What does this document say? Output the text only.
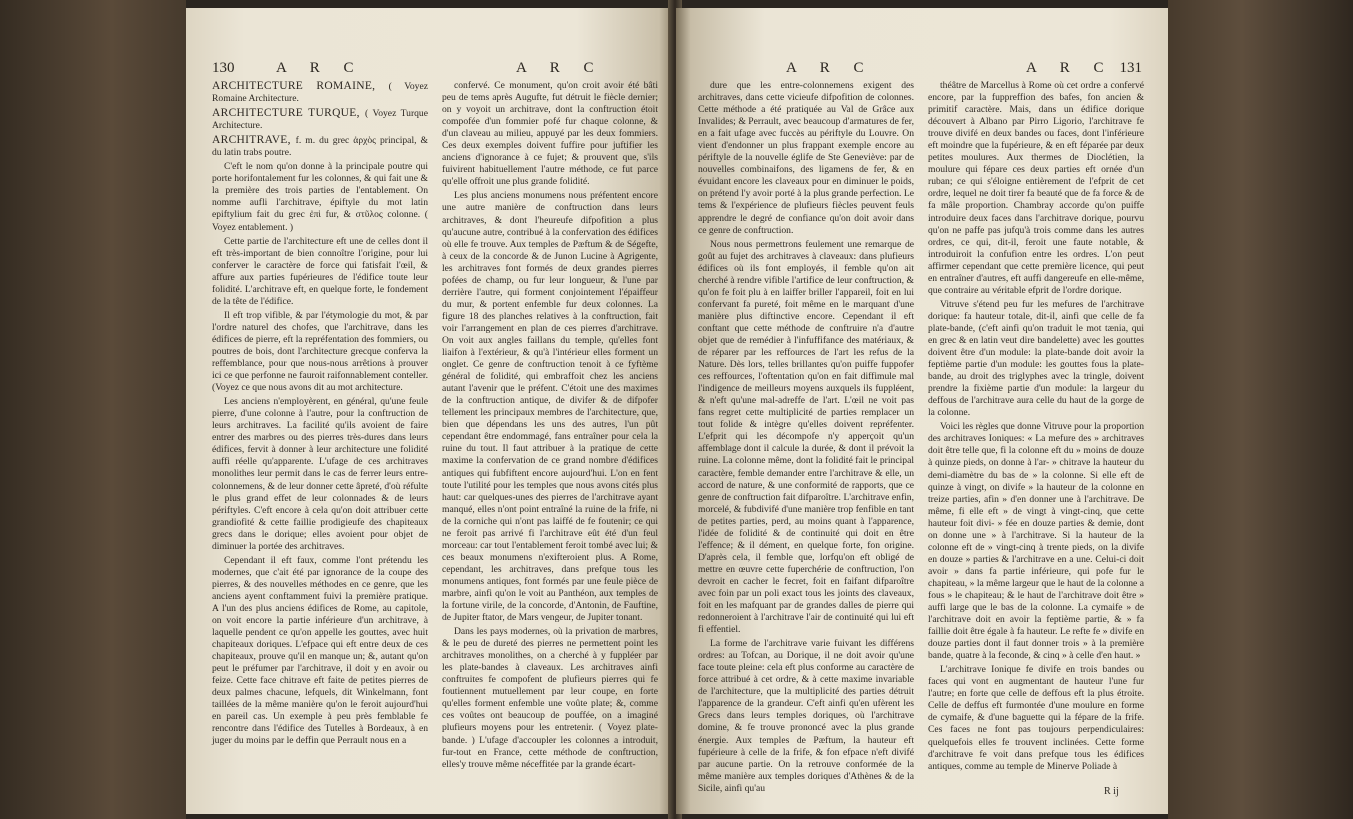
130	A R C	A R C

ARCHITECTURE ROMAINE, ( Voyez Romaine Architecture.

ARCHITECTURE TURQUE, ( Voyez Turque Architecture.

ARCHITRAVE, f. m. du grec ἀρχὸς principal, & du latin trabs poutre.

C'eft le nom qu'on donne à la principale poutre qui porte horifontalement fur les colonnes, & qui fait une & la première des trois parties de l'entablement. On nomme aufli l'architrave, épiftyle du mot latin epiftylium fait du grec ἐπὶ fur, & στῦλος colonne. ( Voyez entablement. )

Cette partie de l'architecture eft une de celles dont il eft très-important de bien connoître l'origine, pour lui conferver le caractère de force qui fatisfait l'œil, & affure aux parties fupérieures de l'édifice toute leur folidité. L'architrave eft, en quelque forte, le fondement de la tête de l'édifice.

Il eft trop vifible, & par l'étymologie du mot, & par l'ordre naturel des chofes, que l'architrave, dans les édifices de pierre, eft la repréfentation des fommiers, ou poutres de bois, dont l'architecture grecque conferva la reffemblance, pour que nous-nous arrêtions à prouver ici ce que perfonne ne fauroit raifonnablement conteller. (Voyez ce que nous avons dit au mot architecture.

Les anciens n'employèrent, en général, qu'une feule pierre, d'une colonne à l'autre, pour la conftruction de leurs architraves. La facilité qu'ils avoient de faire entrer des marbres ou des pierres très-dures dans leurs édifices, fervit à donner à leur architecture une folidité auffi réelle qu'apparente. L'ufage de ces architraves monolithes leur permit dans le cas de ferrer leurs entre-colonnemens, & de leur donner cette âpreté, d'où réfulte le plus grand effet de leur colonnades & de leurs périftyles. C'eft encore à cela qu'on doit attribuer cette grandiofité & cette faillie prodigieufe des chapiteaux grecs dans le dorique; elles avoient pour objet de diminuer la portée des architraves.

Cependant il eft faux, comme l'ont prétendu les modernes, que c'ait été par ignorance de la coupe des pierres, & des nouvelles méthodes en ce genre, que les anciens ayent conftamment fuivi la première pratique. A l'un des plus anciens édifices de Rome, au capitole, on voit encore la partie inférieure d'un architrave, à laquelle pendent ce qu'on appelle les gouttes, avec huit chapiteaux doriques. L'efpace qui eft entre deux de ces chapiteaux, prouve qu'il en manque un; &, autant qu'on peut le préfumer par l'architrave, il doit y en avoir ou feize. Cette face chitrave eft faite de petites pierres de deux palmes chacune, lefquels, dit Winkelmann, font taillées de la même manière qu'on le feroit aujourd'hui en pareil cas. Un exemple à peu près femblable fe rencontre dans l'édifice des Tutelles à Bordeaux, à en juger du moins par le deffin que Perrault nous en a

confervé. Ce monument, qu'on croit avoir été bâti peu de tems après Augufte, fut détruit le fiècle dernier; on y voyoit un architrave, dont la conftruction étoit compofée d'un fommier pofé fur chaque colonne, & d'un claveau au milieu, appuyé par les deux fommiers. Ces deux exemples doivent fuffire pour juftifier les anciens d'ignorance à ce fujet; & prouvent que, s'ils fuivirent habituellement l'autre méthode, ce fut parce qu'elle offroit une plus grande folidité.

Les plus anciens monumens nous préfentent encore une autre manière de conftruction dans leurs architraves, & dont l'heureufe difpofition a plus qu'aucune autre, contribué à la confervation des édifices où elle fe trouve. Aux temples de Pæftum & de Ségefte, à ceux de la concorde & de Junon Lucine à Agrigente, les architraves font formés de deux grandes pierres pofées de champ, ou fur leur longueur, & l'une par derrière l'autre, qui forment conjointement l'épaiffeur du mur, & portent enfemble fur deux colonnes. La figure 18 des planches relatives à la conftruction, fait voir l'arrangement en plan de ces pierres d'architrave. On voit aux angles faillans du temple, qu'elles font liaifon à l'extérieur, & qu'à l'intérieur elles forment un onglet. Ce genre de conftruction tenoit à ce fyftème général de folidité, qui embraffoit chez les anciens autant l'avenir que le préfent. C'étoit une des maximes de la conftruction antique, de divifer & de difpofer tellement les principaux membres de l'architecture, que, bien que dépendans les uns des autres, l'un pût cependant être endommagé, fans entraîner pour cela la ruine du tout. Il faut attribuer à la pratique de cette maxime la confervation de ce grand nombre d'édifices antiques qui fubfiftent encore aujourd'hui. L'on en fent toute l'utilité pour les temples que nous avons cités plus haut: car quelques-unes des pierres de l'architrave ayant manqué, elles n'ont point entraîné la ruine de la frife, ni de la corniche qui n'ont pas laiffé de fe foutenir; ce qui ne feroit pas arrivé fi l'architrave eût été d'un feul morceau: car tout l'entablement feroit tombé avec lui; & ces beaux monumens n'exifteroient plus. A Rome, cependant, les architraves, dans prefque tous les monumens antiques, font formés par une feule pièce de marbre, ainfi qu'on le voit au Panthéon, aux temples de la fortune virile, de la concorde, d'Antonin, de Fauftine, de Jupiter ftator, de Mars vengeur, de Jupiter tonant.

Dans les pays modernes, où la privation de marbres, & le peu de dureté des pierres ne permettent point les architraves monolithes, on a cherché à y fuppléer par les plate-bandes à claveaux. Les architraves ainfi conftruites fe compofent de plufieurs pierres qui fe foutiennent mutuellement par leur coupe, en forte qu'elles forment enfemble une voûte plate; &, comme ces voûtes ont beaucoup de pouffée, on a imaginé plufieurs moyens pour les entretenir. ( Voyez plate-bande. ) L'ufage d'accoupler les colonnes a introduit, fur-tout en France, cette méthode de conftruction, elles'y trouve même néceffitée par la grande écart-

A R C	A R C 131

dure que les entre-colonnemens exigent des architraves, dans cette vicieufe difpofition de colonnes. Cette méthode a été pratiquée au Val de Grâce aux Invalides; & Perrault, avec beaucoup d'armatures de fer, en a fait ufage avec fuccès au périftyle du Louvre. On vient d'endonner un plus frappant exemple encore au périftyle de la nouvelle églife de Ste Geneviève: par de nouvelles combinaifons, des ligamens de fer, & en évuidant encore les claveaux pour en diminuer le poids, on prétend l'y avoir porté à la plus grande perfection. Le tems & l'expérience de plufieurs fiècles peuvent feuls apprendre le degré de confiance qu'on doit avoir dans ce genre de conftruction.

Nous nous permettrons feulement une remarque de goût au fujet des architraves à claveaux: dans plufieurs édifices où ils font employés, il femble qu'on ait cherché à rendre vifible l'artifice de leur conftruction, & qu'on fe foit plu à en laiffer briller l'appareil, foit en lui confervant fa pureté, foit même en le marquant d'une manière plus diftinctive encore. Cependant il eft conftant que cette méthode de conftruire n'a d'autre objet que de remédier à l'infuffifance des matériaux, & de réparer par les reffources de l'art les refus de la Nature. Dès lors, telles brillantes qu'on puiffe fuppofer ces reffources, l'oftentation qu'on en fait diffimule mal l'indigence de meilleurs moyens auxquels ils fuppléent, & n'eft qu'une mal-adreffe de l'art. L'œil ne voit pas fans regret cette multiplicité de parties remplacer un tout folide & intègre qu'elles doivent repréfenter. L'efprit qui les décompofe n'y apperçoit qu'un affemblage dont il calcule la durée, & dont il prévoit la ruine. La colonne même, dont la folidité fait le principal caractère, femble demander entre l'architrave & elle, un accord de nature, & une conformité de rapports, que ce genre de conftruction fait difparoître. L'architrave enfin, morcelé, & fubdivifé d'une manière trop fenfible en tant de petites parties, perd, au moins quant à l'apparence, l'idée de folidité & de continuité qui doit en être l'effence; & il dément, en quelque forte, fon origine. D'après cela, il femble que, lorfqu'on eft obligé de mettre en œuvre cette fuperchérie de conftruction, l'on devroit en cacher le fecret, foit en faifant difparoître avec foin par un poli exact tous les joints des claveaux, foit en les mafquant par de grandes dalles de pierre qui redonneroient à l'architrave l'air de continuité qui lui eft fi effentiel.

La forme de l'architrave varie fuivant les différens ordres: au Tofcan, au Dorique, il ne doit avoir qu'une face toute pleine: cela eft plus conforme au caractère de force attribué à cet ordre, & à cette maxime invariable de l'architecture, que la multiplicité des parties détruit l'apparence de la grandeur. C'eft ainfi qu'en ufèrent les Grecs dans leurs temples doriques, où l'architrave domine, & fe trouve prononcé avec la plus grande énergie. Aux temples de Pæftum, la hauteur eft fupérieure à celle de la frife, & fon efpace n'eft divifé par aucune partie. On la retrouve conformée de la même manière aux temples doriques d'Athènes & de la Sicile, ainfi qu'au

théâtre de Marcellus à Rome où cet ordre a confervé encore, par la fuppreffion des bafes, fon ancien & primitif caractère. Mais, dans un édifice dorique découvert à Albano par Pirro Ligorio, l'architrave fe trouve divifé en deux bandes ou faces, dont l'inférieure eft moindre que la fupérieure, & en eft féparée par deux petites moulures. Aux thermes de Dioclétien, la moulure qui fépare ces deux parties eft ornée d'un ruban; ce qui s'éloigne entièrement de l'efprit de cet ordre, lequel ne doit tirer fa beauté que de fa force & de fa mâle proportion. Chambray accorde qu'on puiffe introduire deux faces dans l'architrave dorique, pourvu qu'on ne paffe pas jufqu'à trois comme dans les autres ordres, ce qui, dit-il, feroit une faute notable, & introduiroit la confufion entre les ordres. L'on peut affirmer cependant que cette première licence, qui peut en entraîner d'autres, eft auffi dangereufe en elle-même, que contraire au véritable efprit de l'ordre dorique.

Vitruve s'étend peu fur les mefures de l'architrave dorique: fa hauteur totale, dit-il, ainfi que celle de fa plate-bande, (c'eft ainfi qu'on traduit le mot tænia, qui en grec & en latin veut dire bandelette) avec les gouttes doivent être d'un module: la plate-bande doit avoir la feptième partie d'un module: les gouttes fous la plate-bande, au droit des triglyphes avec la tringle, doivent prendre la fixième partie d'un module: la largeur du deffous de l'architrave aura celle du haut de la gorge de la colonne.

Voici les règles que donne Vitruve pour la proportion des architraves Ioniques: « La mefure des » architraves doit être telle que, fi la colonne eft du » moins de douze à quinze pieds, on donne à l'ar- » chitrave la hauteur du demi-diamètre du bas de » la colonne. Si elle eft de quinze à vingt, on divife » la hauteur de la colonne en treize parties, afin » d'en donner une à l'architrave. De même, fi elle eft » de vingt à vingt-cinq, que cette hauteur foit divi- » fée en douze parties & demie, dont on donne une » à l'architrave. Si la hauteur de la colonne eft de » vingt-cinq à trente pieds, on la divife en douze » parties & l'architrave en a une. Celui-ci doit avoir » dans fa partie inférieure, qui pofe fur le chapiteau, » la même largeur que le haut de la colonne a fous » le chapiteau; & le haut de l'architrave doit être » auffi large que le bas de la colonne. La cymaife » de l'architrave doit en avoir la feptième partie, & » fa faillie doit être égale à fa hauteur. Le refte fe » divife en douze parties dont il faut donner trois » à la première bande, quatre à la feconde, & cinq » à celle d'en haut. »

L'architrave Ionique fe divife en trois bandes ou faces qui vont en augmentant de hauteur l'une fur l'autre; en forte que celle de deffous eft la plus étroite. Celle de deffus eft furmontée d'une moulure en forme de cymaife, & d'une baguette qui la fépare de la frife. Ces faces ne font pas toujours perpendiculaires: quelquefois elles fe trouvent inclinées. Cette forme d'architrave fe voit dans prefque tous les édifices antiques, comme au temple de Minerve Poliade à

R ij
